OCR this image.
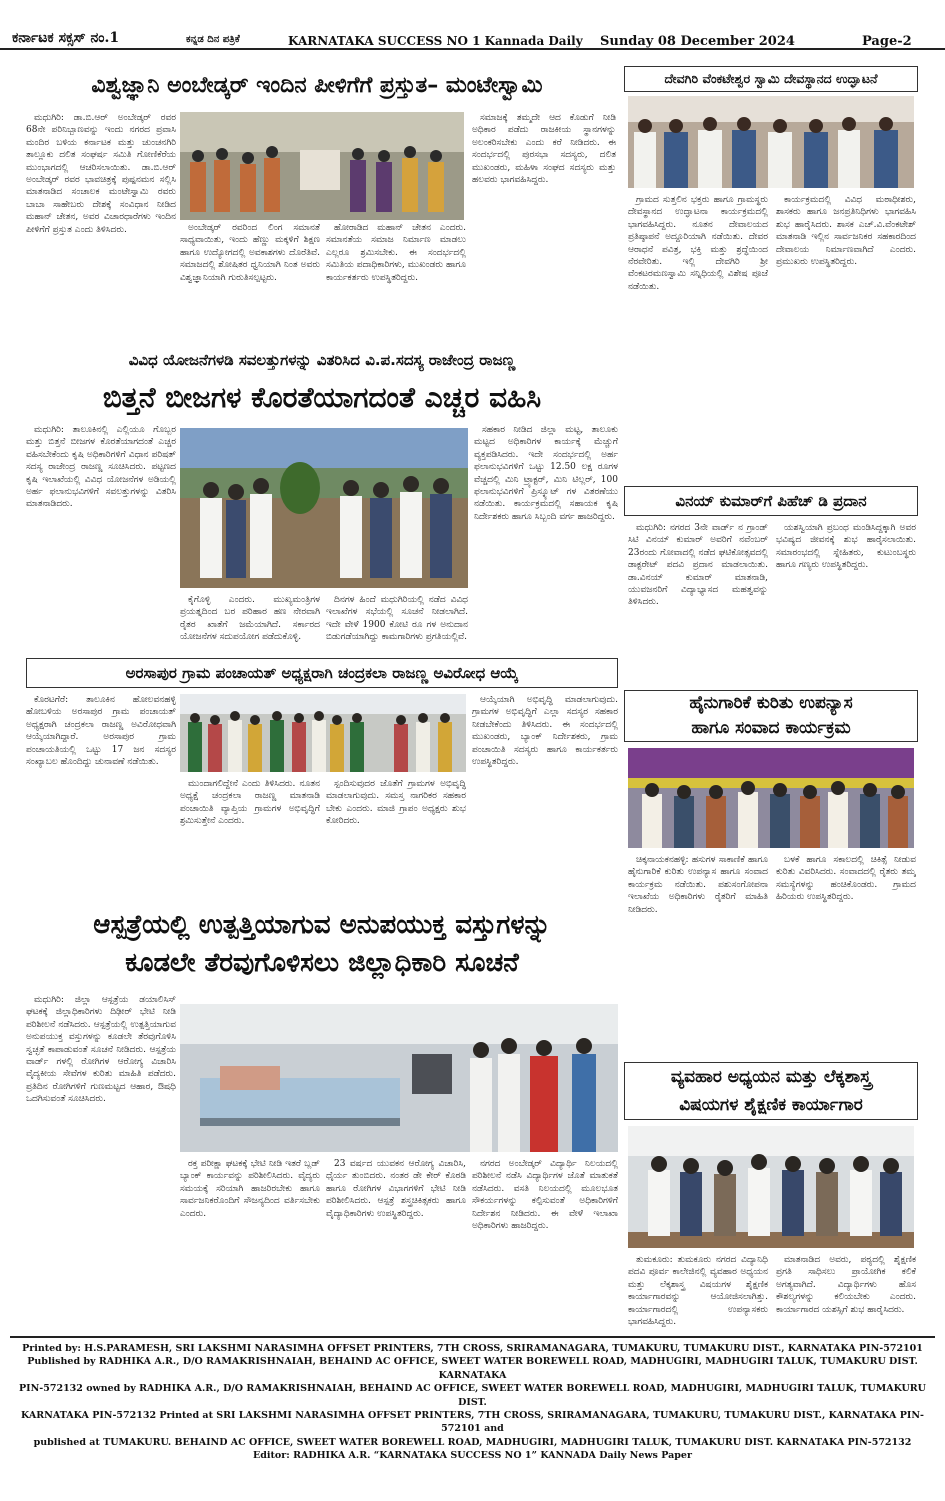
ಕರ್ನಾಟಕ ಸಕ್ಸಸ್ ನಂ.1	ಕನ್ನಡ ದಿನ ಪತ್ರಿಕೆ	KARNATAKA SUCCESS NO 1 Kannada Daily Sunday 08 December 2024	Page-2
ವಿಶ್ವಜ್ಞಾನಿ ಅಂಬೇಡ್ಕರ್ ಇಂದಿನ ಪೀಳಿಗೆಗೆ ಪ್ರಸ್ತುತ– ಮಂಟೇಸ್ವಾಮಿ

ಮಧುಗಿರಿ: ಡಾ.ಬಿ.ಆರ್ ಅಂಬೇಡ್ಕರ್ ರವರ 68ನೇ ಪರಿನಿಬ್ಬಾಣವನ್ನು ಇಂದು ನಗರದ ಪ್ರವಾಸಿ ಮಂದಿರ ಬಳಿಯ ಕರ್ನಾಟಕ ಮತ್ತು ಚುಂಚನಗಿರಿ ತಾಲ್ಲೂಕು ದಲಿತ ಸಂಘರ್ಷ ಸಮಿತಿ ಗೋಣಿಕೆರೆಯ ಮುಂಭಾಗದಲ್ಲಿ ಆಚರಿಸಲಾಯಿತು. ಡಾ.ಬಿ.ಆರ್ ಅಂಬೇಡ್ಕರ್ ರವರ ಭಾವಚಿತ್ರಕ್ಕೆ ಪುಷ್ಪನಮನ ಸಲ್ಲಿಸಿ ಮಾತನಾಡಿದ ಸಂಚಾಲಕ ಮಂಟೇಸ್ವಾಮಿ ರವರು ಬಾಬಾ ಸಾಹೇಬರು ದೇಶಕ್ಕೆ ಸಂವಿಧಾನ ನೀಡಿದ ಮಹಾನ್ ಚೇತನ, ಅವರ ವಿಚಾರಧಾರೆಗಳು ಇಂದಿನ ಪೀಳಿಗೆಗೆ ಪ್ರಸ್ತುತ ಎಂದು ತಿಳಿಸಿದರು.	ಅಂಬೇಡ್ಕರ್ ರವರಿಂದ ಲಿಂಗ ಸಮಾನತೆ ಸಾಧ್ಯವಾಯಿತು, ಇಂದು ಹೆಣ್ಣು ಮಕ್ಕಳಿಗೆ ಶಿಕ್ಷಣ ಹಾಗೂ ಉದ್ಯೋಗದಲ್ಲಿ ಅವಕಾಶಗಳು ದೊರೆತಿವೆ. ಸಮಾಜದಲ್ಲಿ ಶೋಷಿತರ ಧ್ವನಿಯಾಗಿ ನಿಂತ ಅವರು ವಿಶ್ವಜ್ಞಾನಿಯಾಗಿ ಗುರುತಿಸಲ್ಪಟ್ಟರು.

ಹೋರಾಡಿದ ಮಹಾನ್ ಚೇತನ ಎಂದರು. ಸಮಾನತೆಯ ಸಮಾಜ ನಿರ್ಮಾಣ ಮಾಡಲು ಎಲ್ಲರೂ ಶ್ರಮಿಸಬೇಕು. ಈ ಸಂದರ್ಭದಲ್ಲಿ ಸಮಿತಿಯ ಪದಾಧಿಕಾರಿಗಳು, ಮುಖಂಡರು ಹಾಗೂ ಕಾರ್ಯಕರ್ತರು ಉಪಸ್ಥಿತರಿದ್ದರು.

ಸಮಾಜಕ್ಕೆ ತಮ್ಮದೇ ಆದ ಕೊಡುಗೆ ನೀಡಿ ಅಧಿಕಾರ ಪಡೆದು ರಾಜಕೀಯ ಸ್ಥಾನಗಳನ್ನು ಅಲಂಕರಿಸಬೇಕು ಎಂದು ಕರೆ ನೀಡಿದರು. ಈ ಸಂದರ್ಭದಲ್ಲಿ ಪುರಸಭಾ ಸದಸ್ಯರು, ದಲಿತ ಮುಖಂಡರು, ಮಹಿಳಾ ಸಂಘದ ಸದಸ್ಯರು ಮತ್ತು ಹಲವರು ಭಾಗವಹಿಸಿದ್ದರು.

ದೇವಗಿರಿ ವೆಂಕಟೇಶ್ವರ ಸ್ವಾಮಿ ದೇವಸ್ಥಾನದ ಉದ್ಘಾಟನೆ

ಗ್ರಾಮದ ಸುತ್ತಲಿನ ಭಕ್ತರು ಹಾಗೂ ಗ್ರಾಮಸ್ಥರು ದೇವಸ್ಥಾನದ ಉದ್ಘಾಟನಾ ಕಾರ್ಯಕ್ರಮದಲ್ಲಿ ಭಾಗವಹಿಸಿದ್ದರು. ನೂತನ ದೇವಾಲಯದ ಪ್ರತಿಷ್ಠಾಪನೆ ಅದ್ದೂರಿಯಾಗಿ ನಡೆಯಿತು. ದೇವರ ಆರಾಧನೆ ಪವಿತ್ರ, ಭಕ್ತಿ ಮತ್ತು ಶ್ರದ್ಧೆಯಿಂದ ನೆರವೇರಿತು. ಇಲ್ಲಿ ದೇವಗಿರಿ ಶ್ರೀ ವೆಂಕಟರಮಣಸ್ವಾಮಿ ಸನ್ನಿಧಿಯಲ್ಲಿ ವಿಶೇಷ ಪೂಜೆ ನಡೆಯಿತು.

ಕಾರ್ಯಕ್ರಮದಲ್ಲಿ ವಿವಿಧ ಮಠಾಧೀಶರು, ಶಾಸಕರು ಹಾಗೂ ಜನಪ್ರತಿನಿಧಿಗಳು ಭಾಗವಹಿಸಿ ಶುಭ ಹಾರೈಸಿದರು. ಶಾಸಕ ಎಚ್.ವಿ.ವೆಂಕಟೇಶ್ ಮಾತನಾಡಿ ಇಲ್ಲಿನ ಸಾರ್ವಜನಿಕರ ಸಹಕಾರದಿಂದ ದೇವಾಲಯ ನಿರ್ಮಾಣವಾಗಿದೆ ಎಂದರು. ಪ್ರಮುಖರು ಉಪಸ್ಥಿತರಿದ್ದರು.

ವಿವಿಧ ಯೋಜನೆಗಳಡಿ ಸವಲತ್ತುಗಳನ್ನು ವಿತರಿಸಿದ ವಿ.ಪ.ಸದಸ್ಯ ರಾಜೇಂದ್ರ ರಾಜಣ್ಣ
ಬಿತ್ತನೆ ಬೀಜಗಳ ಕೊರತೆಯಾಗದಂತೆ ಎಚ್ಚರ ವಹಿಸಿ

ಮಧುಗಿರಿ: ತಾಲೂಕಿನಲ್ಲಿ ಎಲ್ಲಿಯೂ ಗೊಬ್ಬರ ಮತ್ತು ಬಿತ್ತನೆ ಬೀಜಗಳ ಕೊರತೆಯಾಗದಂತೆ ಎಚ್ಚರ ವಹಿಸಬೇಕೆಂದು ಕೃಷಿ ಅಧಿಕಾರಿಗಳಿಗೆ ವಿಧಾನ ಪರಿಷತ್ ಸದಸ್ಯ ರಾಜೇಂದ್ರ ರಾಜಣ್ಣ ಸೂಚಿಸಿದರು. ಪಟ್ಟಣದ ಕೃಷಿ ಇಲಾಖೆಯಲ್ಲಿ ವಿವಿಧ ಯೋಜನೆಗಳ ಅಡಿಯಲ್ಲಿ ಅರ್ಹ ಫಲಾನುಭವಿಗಳಿಗೆ ಸವಲತ್ತುಗಳನ್ನು ವಿತರಿಸಿ ಮಾತನಾಡಿದರು.

ಕೈಗೊಳ್ಳಿ ಎಂದರು. ಮುಖ್ಯಮಂತ್ರಿಗಳ ಪ್ರಯತ್ನದಿಂದ ಬರ ಪರಿಹಾರ ಹಣ ನೇರವಾಗಿ ರೈತರ ಖಾತೆಗೆ ಜಮೆಯಾಗಿದೆ. ಸರ್ಕಾರದ ಯೋಜನೆಗಳ ಸದುಪಯೋಗ ಪಡೆದುಕೊಳ್ಳಿ.

ದಿನಗಳ ಹಿಂದೆ ಮಧುಗಿರಿಯಲ್ಲಿ ನಡೆದ ವಿವಿಧ ಇಲಾಖೆಗಳ ಸಭೆಯಲ್ಲಿ ಸೂಚನೆ ನೀಡಲಾಗಿದೆ. ಇದೇ ವೇಳೆ 1900 ಕೋಟಿ ರೂ ಗಳ ಅನುದಾನ ಬಿಡುಗಡೆಯಾಗಿದ್ದು ಕಾಮಗಾರಿಗಳು ಪ್ರಗತಿಯಲ್ಲಿವೆ.

ಸಹಕಾರ ನೀಡಿದ ಜಿಲ್ಲಾ ಮಟ್ಟ, ತಾಲೂಕು ಮಟ್ಟದ ಅಧಿಕಾರಿಗಳ ಕಾರ್ಯಕ್ಕೆ ಮೆಚ್ಚುಗೆ ವ್ಯಕ್ತಪಡಿಸಿದರು. ಇದೇ ಸಂದರ್ಭದಲ್ಲಿ ಅರ್ಹ ಫಲಾನುಭವಿಗಳಿಗೆ ಒಟ್ಟು 12.50 ಲಕ್ಷ ರೂಗಳ ವೆಚ್ಚದಲ್ಲಿ ಮಿನಿ ಟ್ರ್ಯಾಕ್ಟರ್, ಮಿನಿ ಟಿಲ್ಲರ್, 100 ಫಲಾನುಭವಿಗಳಿಗೆ ಪ್ರಿಸ್ಕ್ಯೂಟ್ ಗಳ ವಿತರಣೆಯು ನಡೆಯಿತು. ಕಾರ್ಯಕ್ರಮದಲ್ಲಿ ಸಹಾಯಕ ಕೃಷಿ ನಿರ್ದೇಶಕರು ಹಾಗೂ ಸಿಬ್ಬಂದಿ ವರ್ಗ ಹಾಜರಿದ್ದರು.

ವಿನಯ್ ಕುಮಾರ್‌ಗೆ ಪಿಹೆಚ್ ಡಿ ಪ್ರದಾನ

ಮಧುಗಿರಿ: ನಗರದ 3ನೇ ವಾರ್ಡ್ ನ ಗ್ರಾಂಡ್ ಸಿಟಿ ವಿನಯ್ ಕುಮಾರ್ ಅವರಿಗೆ ನವೆಂಬರ್ 23ರಂದು ಗೋವಾದಲ್ಲಿ ನಡೆದ ಘಟಿಕೋತ್ಸವದಲ್ಲಿ ಡಾಕ್ಟರೇಟ್ ಪದವಿ ಪ್ರದಾನ ಮಾಡಲಾಯಿತು. ಡಾ.ವಿನಯ್ ಕುಮಾರ್ ಮಾತನಾಡಿ, ಯುವಜನರಿಗೆ ವಿದ್ಯಾಭ್ಯಾಸದ ಮಹತ್ವವನ್ನು ತಿಳಿಸಿದರು.

ಯಶಸ್ವಿಯಾಗಿ ಪ್ರಬಂಧ ಮಂಡಿಸಿದ್ದಕ್ಕಾಗಿ ಅವರ ಭವಿಷ್ಯದ ಜೀವನಕ್ಕೆ ಶುಭ ಹಾರೈಸಲಾಯಿತು. ಸಮಾರಂಭದಲ್ಲಿ ಸ್ನೇಹಿತರು, ಕುಟುಂಬಸ್ಥರು ಹಾಗೂ ಗಣ್ಯರು ಉಪಸ್ಥಿತರಿದ್ದರು.

ಅರಸಾಪುರ ಗ್ರಾಮ ಪಂಚಾಯತ್ ಅಧ್ಯಕ್ಷರಾಗಿ ಚಂದ್ರಕಲಾ ರಾಜಣ್ಣ ಅವಿರೋಧ ಆಯ್ಕೆ

ಕೊರಟಗೆರೆ: ತಾಲೂಕಿನ ಹೋಲವನಹಳ್ಳಿ ಹೋಬಳಿಯ ಅರಸಾಪುರ ಗ್ರಾಮ ಪಂಚಾಯತ್ ಅಧ್ಯಕ್ಷರಾಗಿ ಚಂದ್ರಕಲಾ ರಾಜಣ್ಣ ಅವಿರೋಧವಾಗಿ ಆಯ್ಕೆಯಾಗಿದ್ದಾರೆ. ಅರಸಾಪುರ ಗ್ರಾಮ ಪಂಚಾಯತಿಯಲ್ಲಿ ಒಟ್ಟು 17 ಜನ ಸದಸ್ಯರ ಸಂಖ್ಯಾಬಲ ಹೊಂದಿದ್ದು ಚುನಾವಣೆ ನಡೆಯಿತು.

ಮುಂದಾಗಲಿದ್ದೇನೆ ಎಂದು ತಿಳಿಸಿದರು. ನೂತನ ಅಧ್ಯಕ್ಷೆ ಚಂದ್ರಕಲಾ ರಾಜಣ್ಣ ಮಾತನಾಡಿ ಪಂಚಾಯಿತಿ ವ್ಯಾಪ್ತಿಯ ಗ್ರಾಮಗಳ ಅಭಿವೃದ್ಧಿಗೆ ಶ್ರಮಿಸುತ್ತೇನೆ ಎಂದರು.

ಸ್ಪಂದಿಸುವುದರ ಜೊತೆಗೆ ಗ್ರಾಮಗಳ ಅಭಿವೃದ್ಧಿ ಮಾಡಲಾಗುವುದು. ಸಮಸ್ತ ನಾಗರಿಕರ ಸಹಕಾರ ಬೇಕು ಎಂದರು. ಮಾಜಿ ಗ್ರಾಪಂ ಅಧ್ಯಕ್ಷರು ಶುಭ ಕೋರಿದರು.

ಆಯ್ಕೆಯಾಗಿ ಅಭಿವೃದ್ಧಿ ಮಾಡಲಾಗುವುದು. ಗ್ರಾಮಗಳ ಅಭಿವೃದ್ಧಿಗೆ ಎಲ್ಲಾ ಸದಸ್ಯರ ಸಹಕಾರ ನೀಡಬೇಕೆಂದು ತಿಳಿಸಿದರು. ಈ ಸಂದರ್ಭದಲ್ಲಿ ಮುಖಂಡರು, ಬ್ಯಾಂಕ್ ನಿರ್ದೇಶಕರು, ಗ್ರಾಮ ಪಂಚಾಯಿತಿ ಸದಸ್ಯರು ಹಾಗೂ ಕಾರ್ಯಕರ್ತರು ಉಪಸ್ಥಿತರಿದ್ದರು.

ಹೈನುಗಾರಿಕೆ ಕುರಿತು ಉಪನ್ಯಾಸ
ಹಾಗೂ ಸಂವಾದ ಕಾರ್ಯಕ್ರಮ

ಚಿಕ್ಕನಾಯಕನಹಳ್ಳಿ: ಹಸುಗಳ ಸಾಕಾಣಿಕೆ ಹಾಗೂ ಹೈನುಗಾರಿಕೆ ಕುರಿತು ಉಪನ್ಯಾಸ ಹಾಗೂ ಸಂವಾದ ಕಾರ್ಯಕ್ರಮ ನಡೆಯಿತು. ಪಶುಸಂಗೋಪನಾ ಇಲಾಖೆಯ ಅಧಿಕಾರಿಗಳು ರೈತರಿಗೆ ಮಾಹಿತಿ ನೀಡಿದರು.

ಬಳಕೆ ಹಾಗೂ ಸಕಾಲದಲ್ಲಿ ಚಿಕಿತ್ಸೆ ನೀಡುವ ಕುರಿತು ವಿವರಿಸಿದರು. ಸಂವಾದದಲ್ಲಿ ರೈತರು ತಮ್ಮ ಸಮಸ್ಯೆಗಳನ್ನು ಹಂಚಿಕೊಂಡರು. ಗ್ರಾಮದ ಹಿರಿಯರು ಉಪಸ್ಥಿತರಿದ್ದರು.

ಆಸ್ಪತ್ರೆಯಲ್ಲಿ ಉತ್ಪತ್ತಿಯಾಗುವ ಅನುಪಯುಕ್ತ ವಸ್ತುಗಳನ್ನು
ಕೂಡಲೇ ತೆರವುಗೊಳಿಸಲು ಜಿಲ್ಲಾಧಿಕಾರಿ ಸೂಚನೆ

ಮಧುಗಿರಿ: ಜಿಲ್ಲಾ ಆಸ್ಪತ್ರೆಯ ಡಯಾಲಿಸಿಸ್ ಘಟಕಕ್ಕೆ ಜಿಲ್ಲಾಧಿಕಾರಿಗಳು ದಿಢೀರ್ ಭೇಟಿ ನೀಡಿ ಪರಿಶೀಲನೆ ನಡೆಸಿದರು. ಆಸ್ಪತ್ರೆಯಲ್ಲಿ ಉತ್ಪತ್ತಿಯಾಗುವ ಅನುಪಯುಕ್ತ ವಸ್ತುಗಳನ್ನು ಕೂಡಲೇ ತೆರವುಗೊಳಿಸಿ ಸ್ವಚ್ಛತೆ ಕಾಪಾಡುವಂತೆ ಸೂಚನೆ ನೀಡಿದರು. ಆಸ್ಪತ್ರೆಯ ವಾರ್ಡ್ ಗಳಲ್ಲಿ ರೋಗಿಗಳ ಆರೋಗ್ಯ ವಿಚಾರಿಸಿ ವೈದ್ಯಕೀಯ ಸೇವೆಗಳ ಕುರಿತು ಮಾಹಿತಿ ಪಡೆದರು. ಪ್ರತಿದಿನ ರೋಗಿಗಳಿಗೆ ಗುಣಮಟ್ಟದ ಆಹಾರ, ಔಷಧಿ ಒದಗಿಸುವಂತೆ ಸೂಚಿಸಿದರು.

ರಕ್ತ ಪರೀಕ್ಷಾ ಘಟಕಕ್ಕೆ ಭೇಟಿ ನೀಡಿ ಇತರೆ ಬ್ಲಡ್ ಬ್ಯಾಂಕ್ ಕಾರ್ಯವನ್ನು ಪರಿಶೀಲಿಸಿದರು. ವೈದ್ಯರು ಸಮಯಕ್ಕೆ ಸರಿಯಾಗಿ ಹಾಜರಿರಬೇಕು ಹಾಗೂ ಸಾರ್ವಜನಿಕರೊಂದಿಗೆ ಸೌಜನ್ಯದಿಂದ ವರ್ತಿಸಬೇಕು ಎಂದರು.

23 ವರ್ಷದ ಯುವಕನ ಆರೋಗ್ಯ ವಿಚಾರಿಸಿ, ಧೈರ್ಯ ತುಂಬಿದರು. ನಂತರ ಡೇ ಕೇರ್ ಕೊಠಡಿ ಹಾಗೂ ರೋಗಿಗಳ ವಿಭಾಗಗಳಿಗೆ ಭೇಟಿ ನೀಡಿ ಪರಿಶೀಲಿಸಿದರು. ಆಸ್ಪತ್ರೆ ಶಸ್ತ್ರಚಿಕಿತ್ಸಕರು ಹಾಗೂ ವೈದ್ಯಾಧಿಕಾರಿಗಳು ಉಪಸ್ಥಿತರಿದ್ದರು.

ನಗರದ ಅಂಬೇಡ್ಕರ್ ವಿದ್ಯಾರ್ಥಿ ನಿಲಯದಲ್ಲಿ ಪರಿಶೀಲನೆ ನಡೆಸಿ ವಿದ್ಯಾರ್ಥಿಗಳ ಜೊತೆ ಮಾತುಕತೆ ನಡೆಸಿದರು. ವಸತಿ ನಿಲಯದಲ್ಲಿ ಮೂಲಭೂತ ಸೌಕರ್ಯಗಳನ್ನು ಕಲ್ಪಿಸುವಂತೆ ಅಧಿಕಾರಿಗಳಿಗೆ ನಿರ್ದೇಶನ ನೀಡಿದರು. ಈ ವೇಳೆ ಇಲಾಖಾ ಅಧಿಕಾರಿಗಳು ಹಾಜರಿದ್ದರು.

ವ್ಯವಹಾರ ಅಧ್ಯಯನ ಮತ್ತು ಲೆಕ್ಕಶಾಸ್ತ್ರ
ವಿಷಯಗಳ ಶೈಕ್ಷಣಿಕ ಕಾರ್ಯಾಗಾರ

ತುಮಕೂರು: ತುಮಕೂರು ನಗರದ ವಿದ್ಯಾನಿಧಿ ಪದವಿ ಪೂರ್ವ ಕಾಲೇಜಿನಲ್ಲಿ ವ್ಯವಹಾರ ಅಧ್ಯಯನ ಮತ್ತು ಲೆಕ್ಕಶಾಸ್ತ್ರ ವಿಷಯಗಳ ಶೈಕ್ಷಣಿಕ ಕಾರ್ಯಾಗಾರವನ್ನು ಆಯೋಜಿಸಲಾಗಿತ್ತು. ಕಾರ್ಯಾಗಾರದಲ್ಲಿ ಉಪನ್ಯಾಸಕರು ಭಾಗವಹಿಸಿದ್ದರು.

ಮಾತನಾಡಿದ ಅವರು, ಪಠ್ಯದಲ್ಲಿ ಶೈಕ್ಷಣಿಕ ಪ್ರಗತಿ ಸಾಧಿಸಲು ಪ್ರಾಯೋಗಿಕ ಕಲಿಕೆ ಅಗತ್ಯವಾಗಿದೆ. ವಿದ್ಯಾರ್ಥಿಗಳು ಹೊಸ ಕೌಶಲ್ಯಗಳನ್ನು ಕಲಿಯಬೇಕು ಎಂದರು. ಕಾರ್ಯಾಗಾರದ ಯಶಸ್ಸಿಗೆ ಶುಭ ಹಾರೈಸಿದರು.

Printed by: H.S.PARAMESH, SRI LAKSHMI NARASIMHA OFFSET PRINTERS, 7TH CROSS, SRIRAMANAGARA, TUMAKURU, TUMAKURU DIST., KARNATAKA PIN-572101
Published by RADHIKA A.R., D/O RAMAKRISHNAIAH, BEHAIND AC OFFICE, SWEET WATER BOREWELL ROAD, MADHUGIRI, MADHUGIRI TALUK, TUMAKURU DIST. KARNATAKA
PIN-572132 owned by RADHIKA A.R., D/O RAMAKRISHNAIAH, BEHAIND AC OFFICE, SWEET WATER BOREWELL ROAD, MADHUGIRI, MADHUGIRI TALUK, TUMAKURU DIST.
KARNATAKA PIN-572132 Printed at SRI LAKSHMI NARASIMHA OFFSET PRINTERS, 7TH CROSS, SRIRAMANAGARA, TUMAKURU, TUMAKURU DIST., KARNATAKA PIN-572101 and
published at TUMAKURU. BEHAIND AC OFFICE, SWEET WATER BOREWELL ROAD, MADHUGIRI, MADHUGIRI TALUK, TUMAKURU DIST. KARNATAKA PIN-572132
Editor: RADHIKA A.R. “KARNATAKA SUCCESS NO 1” KANNADA Daily News Paper
